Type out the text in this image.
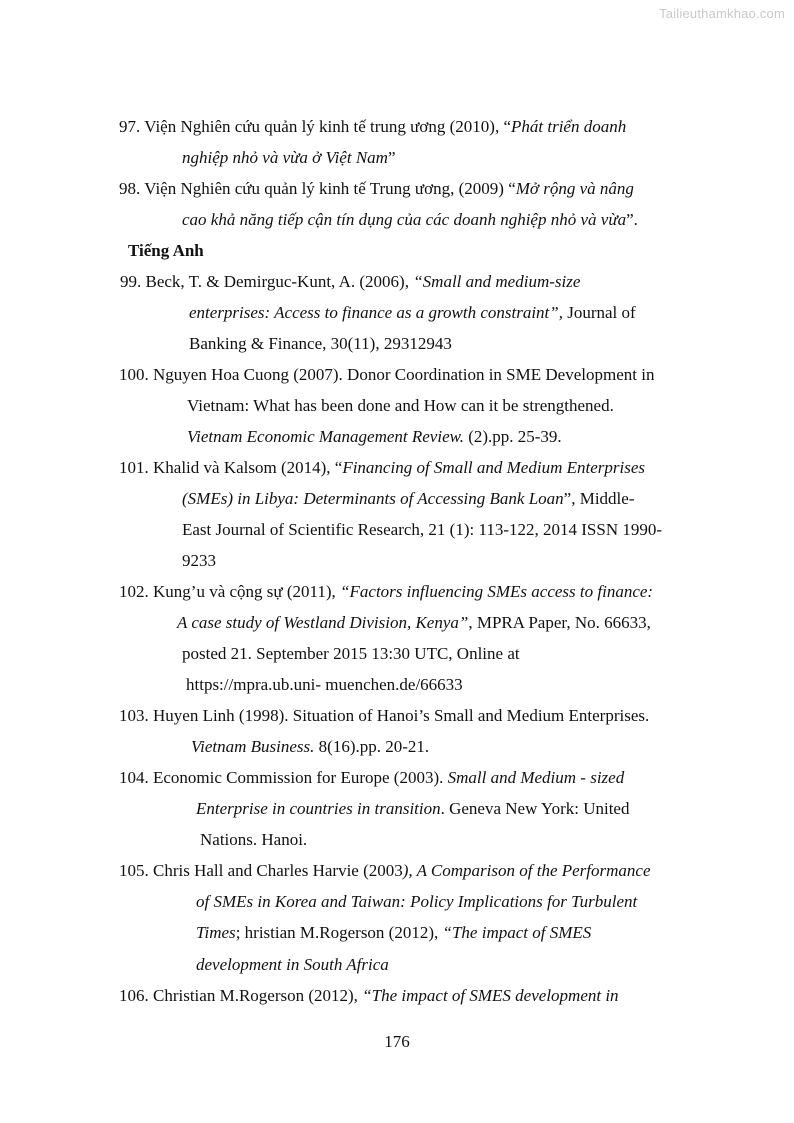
Tailieuthamkhao.com
97. Viện Nghiên cứu quản lý kinh tế trung ương (2010), “Phát triển doanh
nghiệp nhỏ và vừa ở Việt Nam”
98. Viện Nghiên cứu quản lý kinh tế Trung ương, (2009) “Mở rộng và nâng
cao khả năng tiếp cận tín dụng của các doanh nghiệp nhỏ và vừa”.
Tiếng Anh
99. Beck, T. & Demirguc-Kunt, A. (2006), “Small and medium-size
enterprises: Access to finance as a growth constraint”, Journal of
Banking & Finance, 30(11), 29312943
100. Nguyen Hoa Cuong (2007). Donor Coordination in SME Development in
Vietnam: What has been done and How can it be strengthened.
Vietnam Economic Management Review. (2).pp. 25-39.
101. Khalid và Kalsom (2014), “Financing of Small and Medium Enterprises
(SMEs) in Libya: Determinants of Accessing Bank Loan”, Middle-
East Journal of Scientific Research, 21 (1): 113-122, 2014 ISSN 1990-
9233
102. Kung’u và cộng sự (2011), “Factors influencing SMEs access to finance:
A case study of Westland Division, Kenya”, MPRA Paper, No. 66633,
posted 21. September 2015 13:30 UTC, Online at
https://mpra.ub.uni- muenchen.de/66633
103. Huyen Linh (1998). Situation of Hanoi’s Small and Medium Enterprises.
Vietnam Business. 8(16).pp. 20-21.
104. Economic Commission for Europe (2003). Small and Medium - sized
Enterprise in countries in transition. Geneva New York: United
Nations. Hanoi.
105. Chris Hall and Charles Harvie (2003), A Comparison of the Performance
of SMEs in Korea and Taiwan: Policy Implications for Turbulent
Times; hristian M.Rogerson (2012), “The impact of SMES
development in South Africa
106. Christian M.Rogerson (2012), “The impact of SMES development in
176
